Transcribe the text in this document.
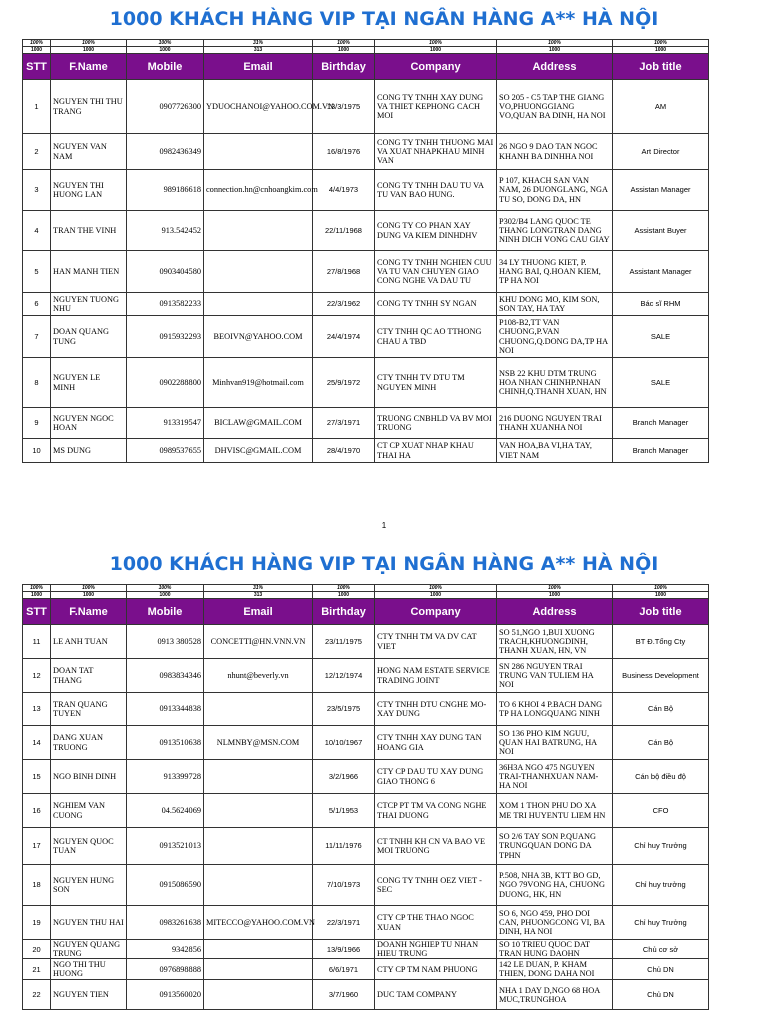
1000 KHÁCH HÀNG VIP TẠI NGÂN HÀNG A** HÀ NỘI
100%	100%	100%	31%	100%	100%	100%	100%
1000	1000	1000	313	1000	1000	1000	1000
STT	F.Name	Mobile	Email	Birthday	Company	Address	Job title
1	NGUYEN THI THU TRANG	0907726300	YDUOCHANOI@YAHOO.COM.VN	13/3/1975	CONG TY TNHH XAY DUNG VA THIET KEPHONG CACH MOI	SO 205 - C5 TAP THE GIANG VO,PHUONGGIANG VO,QUAN BA DINH, HA NOI	AM
2	NGUYEN VAN NAM	0982436349		16/8/1976	CONG TY TNHH THUONG MAI VA XUAT NHAPKHAU MINH VAN	26 NGO 9 DAO TAN NGOC KHANH BA DINHHA NOI	Art Director
3	NGUYEN THI HUONG LAN	989186618	connection.hn@cnhoangkim.com	4/4/1973	CONG TY TNHH DAU TU VA TU VAN BAO HUNG.	P 107, KHACH SAN VAN NAM, 26 DUONGLANG, NGA TU SO, DONG DA, HN	Assistan Manager
4	TRAN THE VINH	913.542452		22/11/1968	CONG TY CO PHAN XAY DUNG VA KIEM DINHDHV	P302/B4 LANG QUOC TE THANG LONGTRAN DANG NINH DICH VONG CAU GIAY	Assistant Buyer
5	HAN MANH TIEN	0903404580		27/8/1968	CONG TY TNHH NGHIEN CUU VA TU VAN CHUYEN GIAO CONG NGHE VA DAU TU	34 LY THUONG KIET, P. HANG BAI, Q.HOAN KIEM, TP HA NOI	Assistant Manager
6	NGUYEN TUONG NHU	0913582233		22/3/1962	CONG TY TNHH SY NGAN	KHU DONG MO, KIM SON, SON TAY, HA TAY	Bác sĩ RHM
7	DOAN QUANG TUNG	0915932293	BEOIVN@YAHOO.COM	24/4/1974	CTY TNHH QC AO TTHONG CHAU A TBD	P108-B2,TT VAN CHUONG,P.VAN CHUONG,Q.DONG DA,TP HA NOI	SALE
8	NGUYEN LE MINH	0902288800	Minhvan919@hotmail.com	25/9/1972	CTY TNHH TV DTU TM NGUYEN MINH	NSB 22 KHU DTM TRUNG HOA NHAN CHINHP.NHAN CHINH,Q.THANH XUAN, HN	SALE
9	NGUYEN NGOC HOAN	913319547	BICLAW@GMAIL.COM	27/3/1971	TRUONG CNBHLD VA BV MOI TRUONG	216 DUONG NGUYEN TRAI THANH XUANHA NOI	Branch Manager
10	MS DUNG	0989537655	DHVISC@GMAIL.COM	28/4/1970	CT CP XUAT NHAP KHAU THAI HA	VAN HOA,BA VI,HA TAY, VIET NAM	Branch Manager
1
1000 KHÁCH HÀNG VIP TẠI NGÂN HÀNG A** HÀ NỘI
100%	100%	100%	31%	100%	100%	100%	100%
1000	1000	1000	313	1000	1000	1000	1000
STT	F.Name	Mobile	Email	Birthday	Company	Address	Job title
11	LE ANH TUAN	0913 380528	CONCETTI@HN.VNN.VN	23/11/1975	CTY TNHH TM VA DV CAT VIET	SO 51,NGO 1,BUI XUONG TRACH,KHUONGDINH, THANH XUAN, HN, VN	BT Đ.Tổng Cty
12	DOAN TAT THANG	0983834346	nhunt@beverly.vn	12/12/1974	HONG NAM ESTATE SERVICE TRADING JOINT	SN 286 NGUYEN TRAI TRUNG VAN TULIEM HA NOI	Business Development
13	TRAN QUANG TUYEN	0913344838		23/5/1975	CTY TNHH DTU CNGHE MO-XAY DUNG	TO 6 KHOI 4 P.BACH DANG TP HA LONGQUANG NINH	Cán Bộ
14	DANG XUAN TRUONG	0913510638	NLMNBY@MSN.COM	10/10/1967	CTY TNHH XAY DUNG TAN HOANG GIA	SO 136 PHO KIM NGUU, QUAN HAI BATRUNG, HA NOI	Cán Bộ
15	NGO BINH DINH	913399728		3/2/1966	CTY CP DAU TU XAY DUNG GIAO THONG 6	36H3A NGO 475 NGUYEN TRAI-THANHXUAN NAM-HA NOI	Cán bộ điều độ
16	NGHIEM VAN CUONG	04.5624069		5/1/1953	CTCP PT TM VA CONG NGHE THAI DUONG	XOM 1 THON PHU DO XA ME TRI HUYENTU LIEM HN	CFO
17	NGUYEN QUOC TUAN	0913521013		11/11/1976	CT TNHH KH CN VA BAO VE MOI TRUONG	SO 2/6 TAY SON P.QUANG TRUNGQUAN DONG DA TPHN	Chỉ huy Trưởng
18	NGUYEN HUNG SON	0915086590		7/10/1973	CONG TY TNHH OEZ VIET - SEC	P.508, NHA 3B, KTT BO GD, NGO 79VONG HA, CHUONG DUONG, HK, HN	Chỉ huy trưởng
19	NGUYEN THU HAI	0983261638	MITECCO@YAHOO.COM.VN	22/3/1971	CTY CP THE THAO NGOC XUAN	SO 6, NGO 459, PHO DOI CAN, PHUONGCONG VI, BA DINH, HA NOI	Chỉ huy Trưởng
20	NGUYEN QUANG TRUNG	9342856		13/9/1966	DOANH NGHIEP TU NHAN HIEU TRUNG	SO 10 TRIEU QUOC DAT TRAN HUNG DAOHN	Chủ cơ sở
21	NGO THI THU HUONG	0976898888		6/6/1971	CTY CP TM NAM PHUONG	142 LE DUAN, P. KHAM THIEN, DONG DAHA NOI	Chủ DN
22	NGUYEN TIEN	0913560020		3/7/1960	DUC TAM COMPANY	NHA 1 DAY D,NGO 68 HOA MUC,TRUNGHOA	Chủ DN
